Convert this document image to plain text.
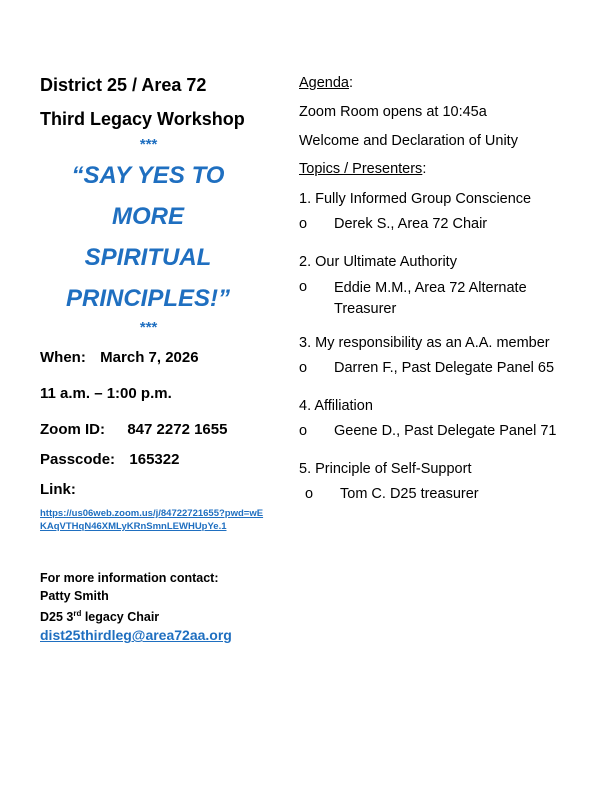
District 25 / Area 72
Third Legacy Workshop
***
“SAY YES TO
MORE
SPIRITUAL
PRINCIPLES!”
***
When: March 7, 2026
11 a.m. – 1:00 p.m.
Zoom ID: 847 2272 1655
Passcode: 165322
Link:
https://us06web.zoom.us/j/84722721655?pwd=wEKAqVTHqN46XMLyKRnSmnLEWHUpYe.1
For more information contact:
Patty Smith
D25 3rd legacy Chair
dist25thirdleg@area72aa.org
Agenda:
Zoom Room opens at 10:45a
Welcome and Declaration of Unity
Topics / Presenters:
1. Fully Informed Group Conscience
o	Derek S., Area 72 Chair
2. Our Ultimate Authority
o	Eddie M.M., Area 72 Alternate Treasurer
3. My responsibility as an A.A. member
o	Darren F., Past Delegate Panel 65
4. Affiliation
o	Geene D., Past Delegate Panel 71
5. Principle of Self-Support
o	Tom C. D25 treasurer
